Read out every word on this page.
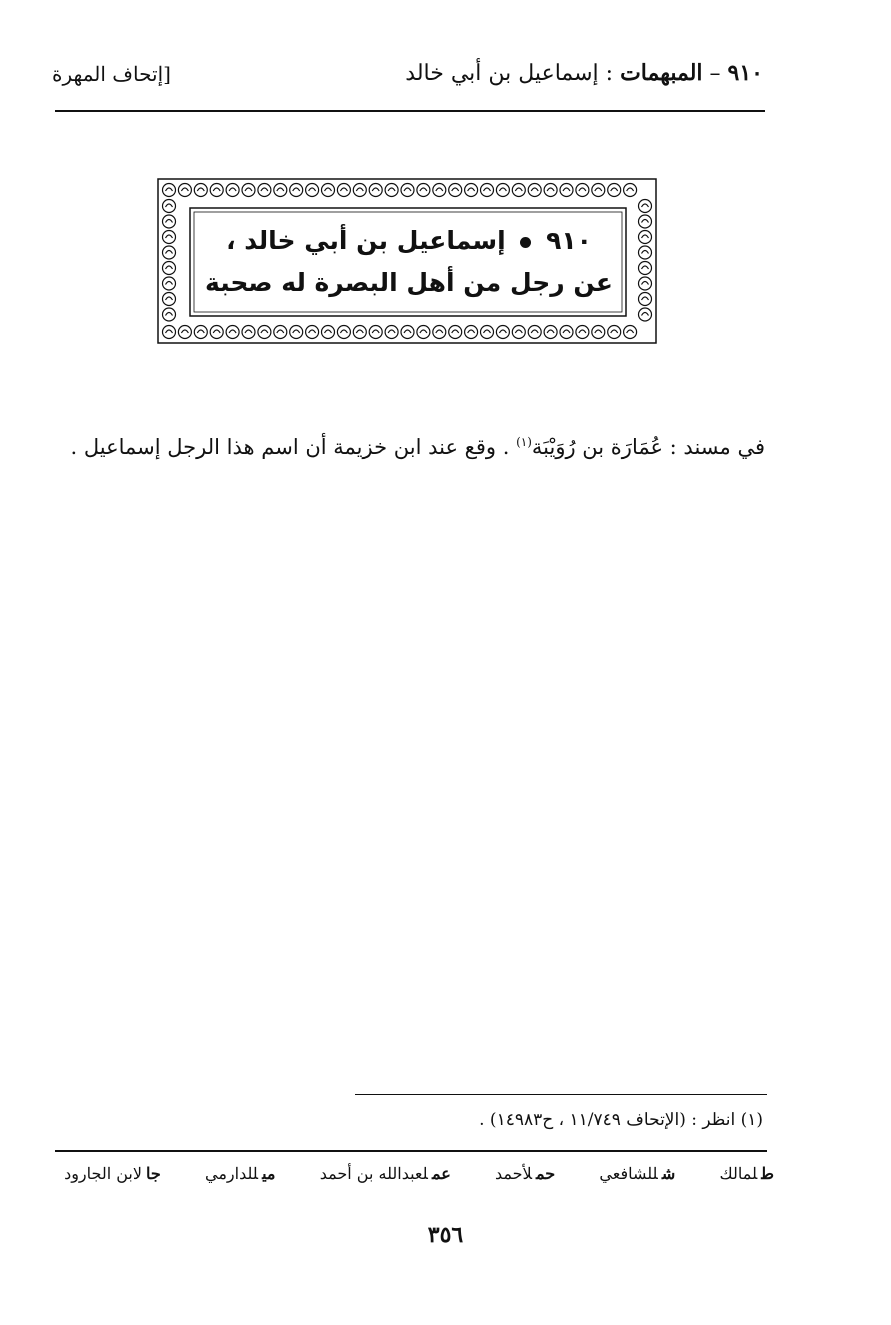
٩١٠ – المبهمات : إسماعيل بن أبي خالد
[إتحاف المهرة
٩١٠  إسماعيل بن أبي خالد ،
عن رجل من أهل البصرة له صحبة
في مسند : عُمَارَة بن رُوَيْبَة$^{(١)}$ . وقع عند ابن خزيمة أن اسم هذا الرجل إسماعيل .
(١) انظر : (الإتحاف ١١/٧٤٩ ، ح١٤٩٨٣) .
طلمالك
شللشافعي
حملأحمد
عملعبدالله بن أحمد
ميللدارمي
جالابن الجارود
٣٥٦
